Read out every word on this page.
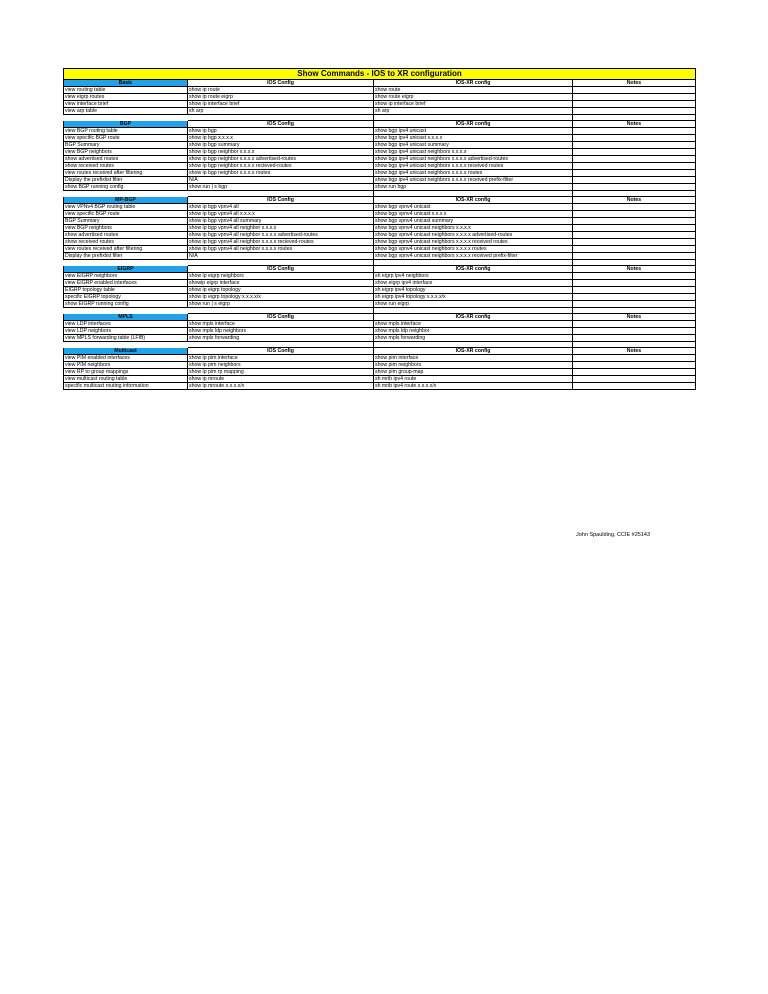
Show Commands - IOS to XR configuration
Basic	IOS Config	IOS-XR config	Notes
view routing table	show ip route	show route
view eigrp routes	show ip route eigrp	show route eigrp
view interface brief	show ip interface brief	show ip interface brief
view arp table	sh arp	sh arp
BGP	IOS Config	IOS-XR config	Notes
view BGP routing table	show ip bgp	show bgp ipv4 unicast
view specific BGP route	show ip bgp x.x.x.x	show bgp ipv4 unicast x.x.x.x
BGP Summary	show ip bgp summary	show bgp ipv4 unicast summary
view BGP neighbors	show ip bgp neighbor x.x.x.x	show bgp ipv4 unicast neighbors x.x.x.x
show advertised routes	show ip bgp neighbor x.x.x.x advertised-routes	show bgp ipv4 unicast neighbors x.x.x.x advertised-routes
show received routes	show ip bgp neighbor x.x.x.x recieved-routes	show bgp ipv4 unicast neighbors x.x.x.x received routes
view routes received after filtering	show ip bgp neighbor x.x.x.x routes	show bgp ipv4 unicast neighbors x.x.x.x routes
Display the prefixlist filter	N/A	show bgp ipv4 unicast neighbors x.x.x.x received prefix-filter
show BGP running config	show run | s bgp	show run bgp
MP-BGP	IOS Config	IOS-XR config	Notes
view VPNv4 BGP routing table	show ip bgp vpnv4 all	show bgp vpnv4 unicast
view specific BGP route	show ip bgp vpnv4 all x.x.x.x	show bgp vpnv4 unicast x.x.x.x
BGP Summary	show ip bgp vpnv4 all summary	show bgp vpnv4 unicast summary
view BGP neighbors	show ip bgp vpnv4 all neighbor x.x.x.x	show bgp vpnv4 unicast neighbors x.x.x.x
show advertised routes	show ip bgp vpnv4 all neighbor x.x.x.x advertised-routes	show bgp vpnv4 unicast neighbors x.x.x.x advertised-routes
show received routes	show ip bgp vpnv4 all neighbor x.x.x.x recieved-routes	show bgp vpnv4 unicast neighbors x.x.x.x received routes
view routes received after filtering	show ip bgp vpnv4 all neighbor x.x.x.x routes	show bgp vpnv4 unicast neighbors x.x.x.x routes
Display the prefixlist filter	N/A	show bgp vpnv4 unicast neighbors x.x.x.x received prefix-filter
EIGRP	IOS Config	IOS-XR config	Notes
view EIGRP neighbors	show ip eigrp neighbors	sh eigrp ipv4 neighbors
view EIGRP enabled interfaces	showip eigrp interface	show eigrp ipv4 interface
EIGRP topology table	show ip eigrp topology	sh eigrp ipv4 topology
specific EIGRP topology	show ip eigrp topology x.x.x.x/x	sh eigrp ipv4 topology x.x.x.x/x
show EIGRP running config	show run | s eigrp	show run eigrp
MPLS	IOS Config	IOS-XR config	Notes
view LDP interfaces	show mpls interface	show mpls interface
view LDP neighbors	show mpls ldp neighbors	show mpls ldp neighbor
view MPLS forwarding table (LFIB)	show mpls forwarding	show mpls forwarding
Multicast	IOS Config	IOS-XR config	Notes
view PIM enabled interfaces	show ip pim interface	show pim interface
view PIM neighbors	show ip pim neighbors	show pim neighbors
view RP to group mappings	show ip pim rp mapping	show pim group-map
view multicast routing table	show ip mroute	sh mrib ipv4 route
specific multicast routing information	show ip mroute x.x.x.x/x	sh mrib ipv4 route x.x.x.x/x
John Spaulding, CCIE #25143
